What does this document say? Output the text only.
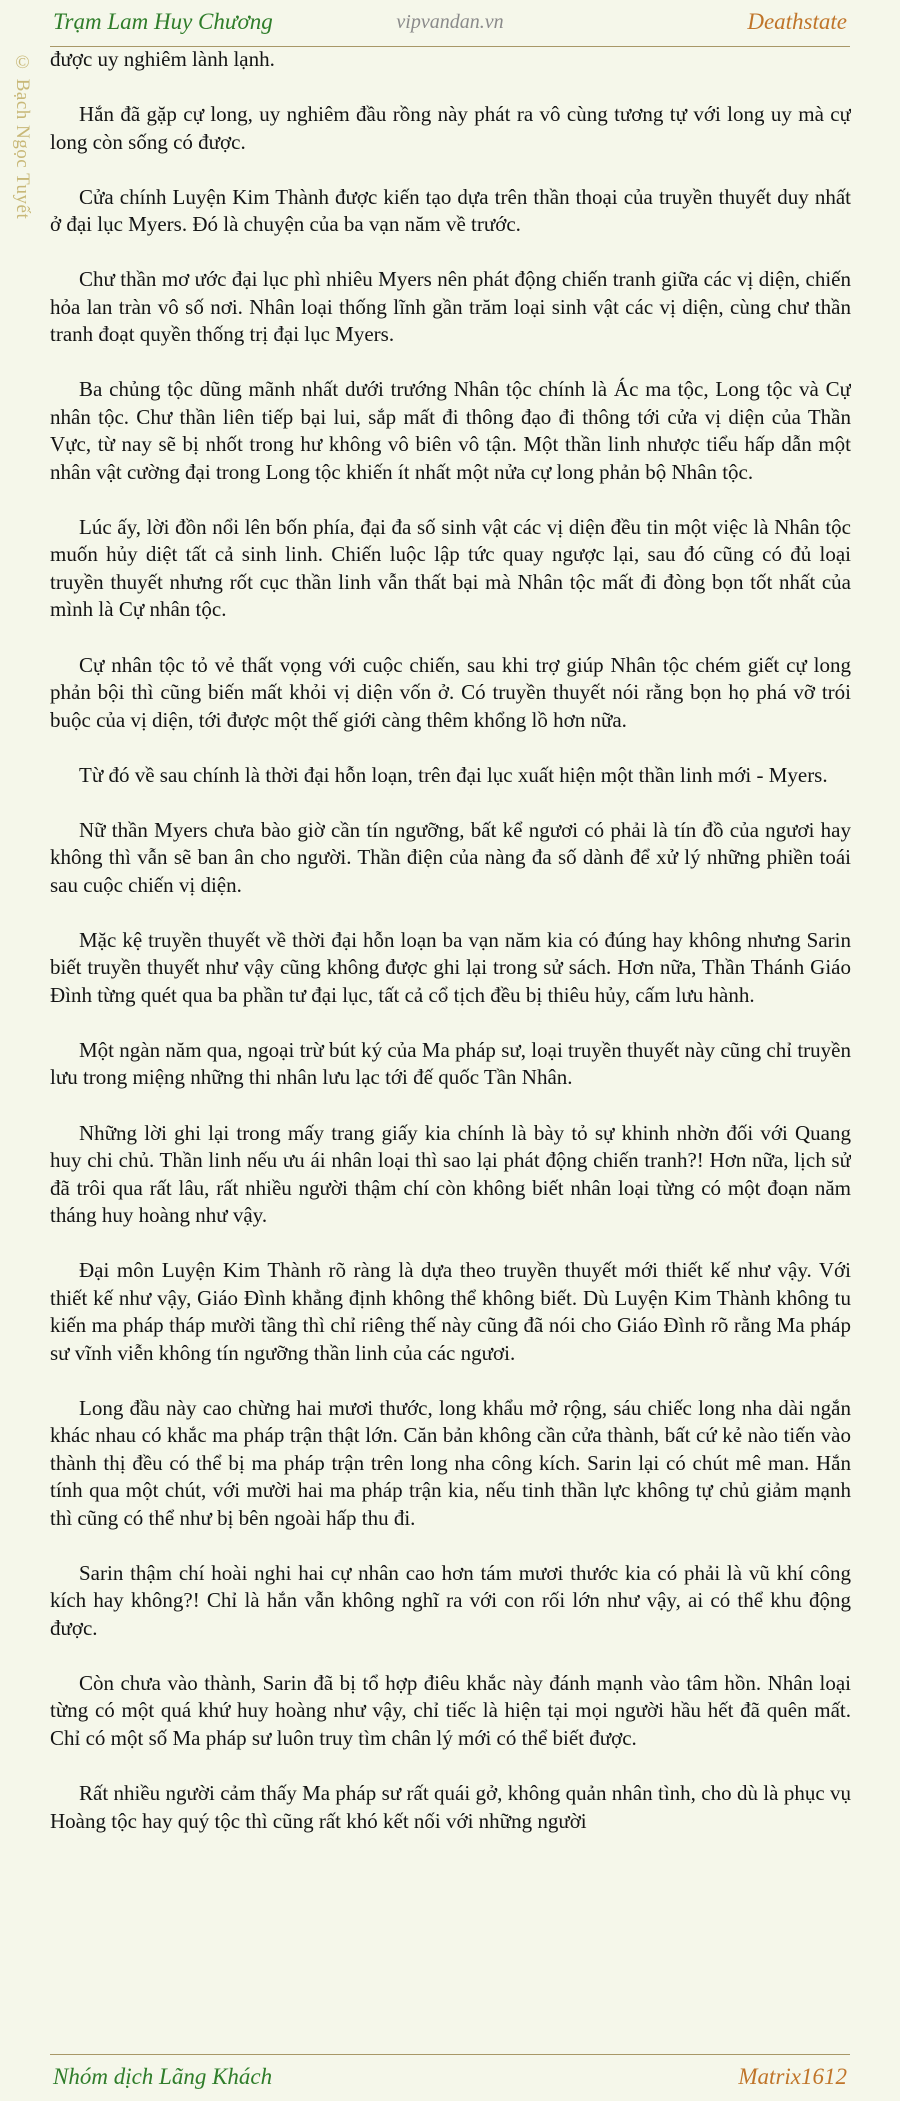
Trạm Lam Huy Chương	vipvandan.vn	Deathstate
© Bạch Ngọc Tuyết được uy nghiêm lành lạnh.

Hắn đã gặp cự long, uy nghiêm đầu rồng này phát ra vô cùng tương tự với long uy mà cự long còn sống có được.

Cửa chính Luyện Kim Thành được kiến tạo dựa trên thần thoại của truyền thuyết duy nhất ở đại lục Myers. Đó là chuyện của ba vạn năm về trước.

Chư thần mơ ước đại lục phì nhiêu Myers nên phát động chiến tranh giữa các vị diện, chiến hỏa lan tràn vô số nơi. Nhân loại thống lĩnh gần trăm loại sinh vật các vị diện, cùng chư thần tranh đoạt quyền thống trị đại lục Myers.

Ba chủng tộc dũng mãnh nhất dưới trướng Nhân tộc chính là Ác ma tộc, Long tộc và Cự nhân tộc. Chư thần liên tiếp bại lui, sắp mất đi thông đạo đi thông tới cửa vị diện của Thần Vực, từ nay sẽ bị nhốt trong hư không vô biên vô tận. Một thần linh nhược tiểu hấp dẫn một nhân vật cường đại trong Long tộc khiến ít nhất một nửa cự long phản bộ Nhân tộc.

Lúc ấy, lời đồn nổi lên bốn phía, đại đa số sinh vật các vị diện đều tin một việc là Nhân tộc muốn hủy diệt tất cả sinh linh. Chiến luộc lập tức quay ngược lại, sau đó cũng có đủ loại truyền thuyết nhưng rốt cục thần linh vẫn thất bại mà Nhân tộc mất đi đòng bọn tốt nhất của mình là Cự nhân tộc.

Cự nhân tộc tỏ vẻ thất vọng với cuộc chiến, sau khi trợ giúp Nhân tộc chém giết cự long phản bội thì cũng biến mất khỏi vị diện vốn ở. Có truyền thuyết nói rằng bọn họ phá vỡ trói buộc của vị diện, tới được một thế giới càng thêm khổng lồ hơn nữa.

Từ đó về sau chính là thời đại hỗn loạn, trên đại lục xuất hiện một thần linh mới - Myers.

Nữ thần Myers chưa bào giờ cần tín ngưỡng, bất kể ngươi có phải là tín đồ của ngươi hay không thì vẫn sẽ ban ân cho người. Thần điện của nàng đa số dành để xử lý những phiền toái sau cuộc chiến vị diện.

Mặc kệ truyền thuyết về thời đại hỗn loạn ba vạn năm kia có đúng hay không nhưng Sarin biết truyền thuyết như vậy cũng không được ghi lại trong sử sách. Hơn nữa, Thần Thánh Giáo Đình từng quét qua ba phần tư đại lục, tất cả cổ tịch đều bị thiêu hủy, cấm lưu hành.

Một ngàn năm qua, ngoại trừ bút ký của Ma pháp sư, loại truyền thuyết này cũng chỉ truyền lưu trong miệng những thi nhân lưu lạc tới đế quốc Tần Nhân.

Những lời ghi lại trong mấy trang giấy kia chính là bày tỏ sự khinh nhờn đối với Quang huy chi chủ. Thần linh nếu ưu ái nhân loại thì sao lại phát động chiến tranh?! Hơn nữa, lịch sử đã trôi qua rất lâu, rất nhiều người thậm chí còn không biết nhân loại từng có một đoạn năm tháng huy hoàng như vậy.

Đại môn Luyện Kim Thành rõ ràng là dựa theo truyền thuyết mới thiết kế như vậy. Với thiết kế như vậy, Giáo Đình khẳng định không thể không biết. Dù Luyện Kim Thành không tu kiến ma pháp tháp mười tầng thì chỉ riêng thế này cũng đã nói cho Giáo Đình rõ rằng Ma pháp sư vĩnh viễn không tín ngưỡng thần linh của các ngươi.

Long đầu này cao chừng hai mươi thước, long khẩu mở rộng, sáu chiếc long nha dài ngắn khác nhau có khắc ma pháp trận thật lớn. Căn bản không cần cửa thành, bất cứ kẻ nào tiến vào thành thị đều có thể bị ma pháp trận trên long nha công kích. Sarin lại có chút mê man. Hắn tính qua một chút, với mười hai ma pháp trận kia, nếu tinh thần lực không tự chủ giảm mạnh thì cũng có thể như bị bên ngoài hấp thu đi.

Sarin thậm chí hoài nghi hai cự nhân cao hơn tám mươi thước kia có phải là vũ khí công kích hay không?! Chỉ là hắn vẫn không nghĩ ra với con rối lớn như vậy, ai có thể khu động được.

Còn chưa vào thành, Sarin đã bị tổ hợp điêu khắc này đánh mạnh vào tâm hồn. Nhân loại từng có một quá khứ huy hoàng như vậy, chỉ tiếc là hiện tại mọi người hầu hết đã quên mất. Chỉ có một số Ma pháp sư luôn truy tìm chân lý mới có thể biết được.

Rất nhiều người cảm thấy Ma pháp sư rất quái gở, không quản nhân tình, cho dù là phục vụ Hoàng tộc hay quý tộc thì cũng rất khó kết nối với những người

Nhóm dịch Lãng Khách	Matrix1612
